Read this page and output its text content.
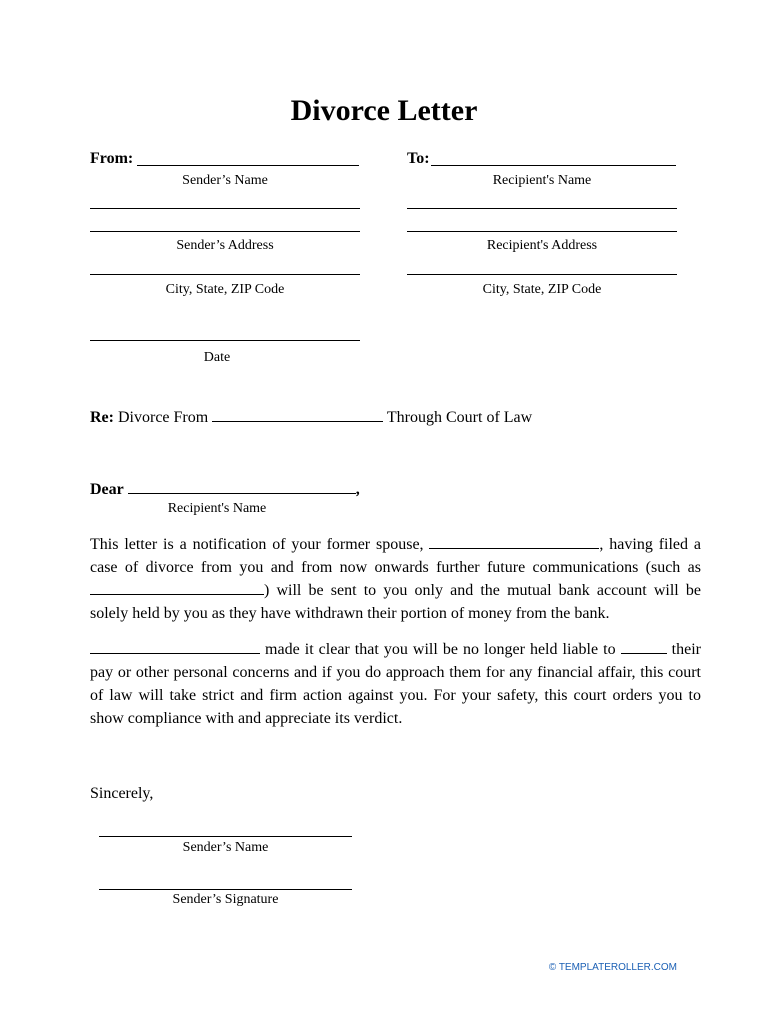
Divorce Letter
From:
Sender’s Name
Sender’s Address
City, State, ZIP Code
Date
To:
Recipient's Name
Recipient's Address
City, State, ZIP Code
Re: Divorce From	Through Court of Law
Dear	,
Recipient's Name

This letter is a notification of your former spouse,	, having filed a case of divorce from you and from now onwards further future communications (such as ) will be sent to you only and the mutual bank account will be solely held by you as they have withdrawn their portion of money from the bank.

made it clear that you will be no longer held liable to	their pay or other personal concerns and if you do approach them for any financial affair, this court of law will take strict and firm action against you. For your safety, this court orders you to show compliance with and appreciate its verdict.

Sincerely,
Sender’s Name
Sender’s Signature
© TEMPLATEROLLER.COM
